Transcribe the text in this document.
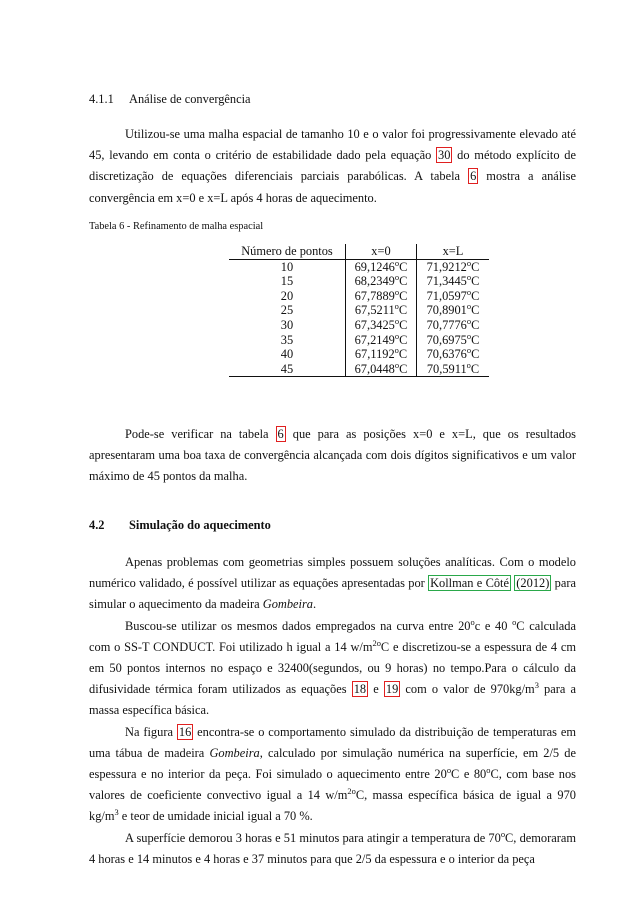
4.1.1 Análise de convergência

Utilizou-se uma malha espacial de tamanho 10 e o valor foi progressivamente elevado até 45, levando em conta o critério de estabilidade dado pela equação 30 do método explícito de discretização de equações diferenciais parciais parabólicas. A tabela 6 mostra a análise convergência em x=0 e x=L após 4 horas de aquecimento.

Tabela 6 - Refinamento de malha espacial
Número de pontos	x=0	x=L
10	69,1246$^o$C	71,9212$^o$C
15	68,2349$^o$C	71,3445$^o$C
20	67,7889$^o$C	71,0597$^o$C
25	67,5211$^o$C	70,8901$^o$C
30	67,3425$^o$C	70,7776$^o$C
35	67,2149$^o$C	70,6975$^o$C
40	67,1192$^o$C	70,6376$^o$C
45	67,0448$^o$C	70,5911$^o$C

Pode-se verificar na tabela 6 que para as posições x=0 e x=L, que os resultados apresentaram uma boa taxa de convergência alcançada com dois dígitos significativos e um valor máximo de 45 pontos da malha.

4.2 Simulação do aquecimento

Apenas problemas com geometrias simples possuem soluções analíticas. Com o modelo numérico validado, é possível utilizar as equações apresentadas por Kollman e Côté (2012) para simular o aquecimento da madeira Gombeira.

Buscou-se utilizar os mesmos dados empregados na curva entre 20$^o$c e 40 $^o$C calculada com o SS-T CONDUCT. Foi utilizado h igual a 14 $w/m^{2o}C$ e discretizou-se a espessura de 4 cm em 50 pontos internos no espaço e 32400(segundos, ou 9 horas) no tempo.Para o cálculo da difusividade térmica foram utilizados as equações 18 e 19 com o valor de $970kg/m^3$ para a massa específica básica.

Na figura 16 encontra-se o comportamento simulado da distribuição de temperaturas em uma tábua de madeira Gombeira, calculado por simulação numérica na superfície, em 2/5 de espessura e no interior da peça. Foi simulado o aquecimento entre 20$^o$C e 80$^o$C, com base nos valores de coeficiente convectivo igual a 14 $w/m^{2o}C$, massa específica básica de igual a 970 $kg/m^3$ e teor de umidade inicial igual a 70 %.

A superfície demorou 3 horas e 51 minutos para atingir a temperatura de 70$^o$C, demoraram 4 horas e 14 minutos e 4 horas e 37 minutos para que 2/5 da espessura e o interior da peça
